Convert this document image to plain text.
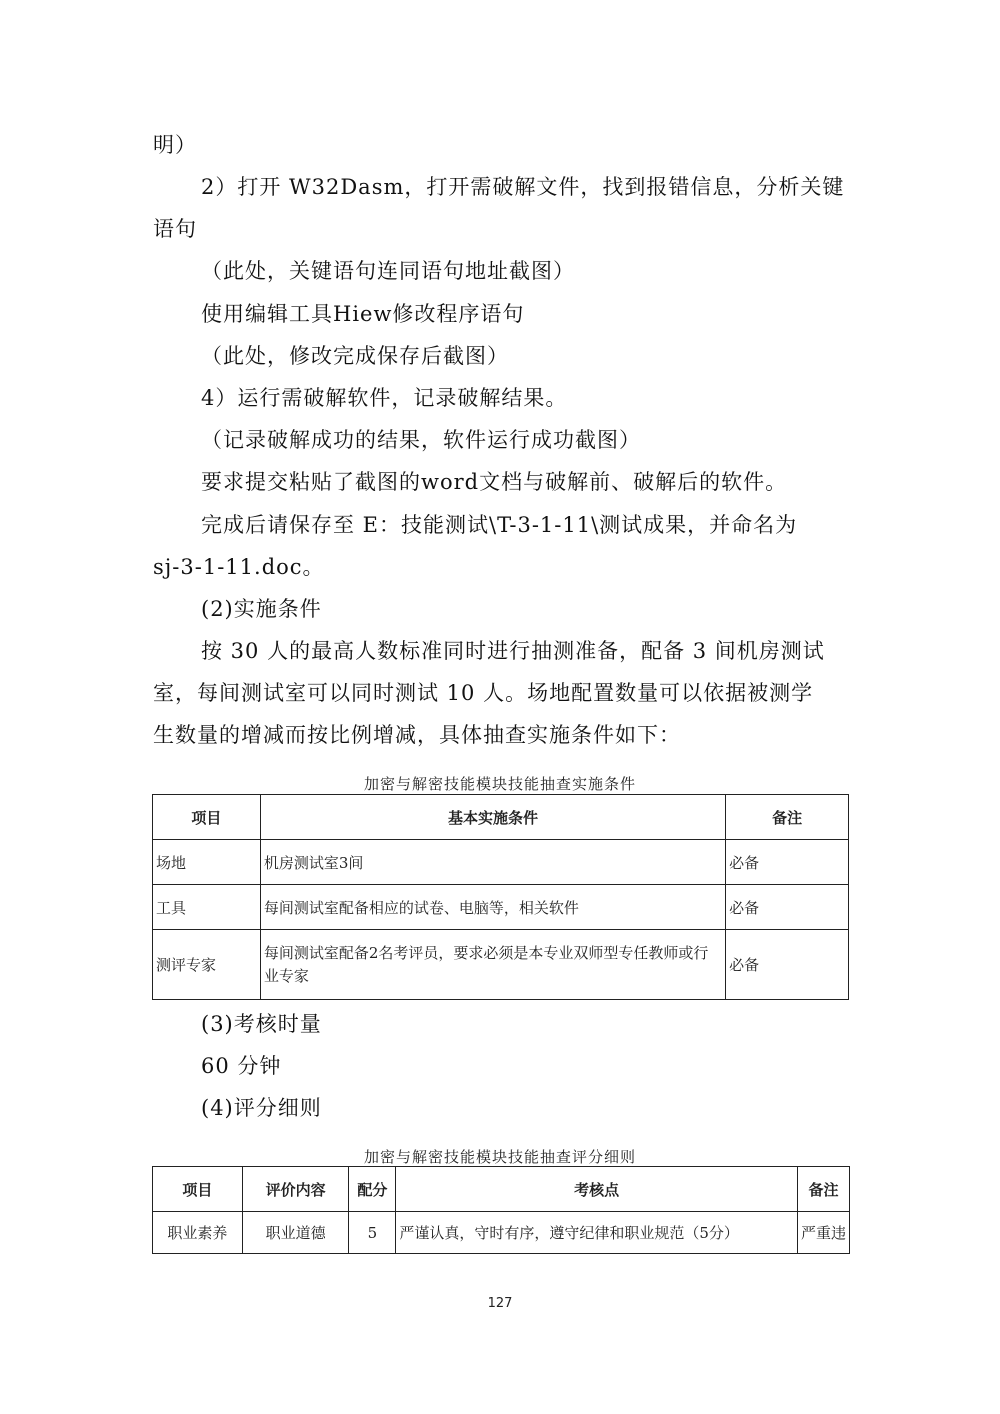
明）

2）打开 W32Dasm，打开需破解文件，找到报错信息，分析关键

语句

（此处，关键语句连同语句地址截图）

使用编辑工具Hiew修改程序语句

（此处，修改完成保存后截图）

4）运行需破解软件，记录破解结果。

（记录破解成功的结果，软件运行成功截图）

要求提交粘贴了截图的word文档与破解前、破解后的软件。

完成后请保存至 E：技能测试\T-3-1-11\测试成果，并命名为

sj-3-1-11.doc。

(2)实施条件

按 30 人的最高人数标准同时进行抽测准备，配备 3 间机房测试

室，每间测试室可以同时测试 10 人。场地配置数量可以依据被测学

生数量的增减而按比例增减，具体抽查实施条件如下：

加密与解密技能模块技能抽查实施条件
项目	基本实施条件	备注
场地	机房测试室3间	必备
工具	每间测试室配备相应的试卷、电脑等，相关软件	必备
测评专家	每间测试室配备2名考评员，要求必须是本专业双师型专任教师或行业专家	必备

(3)考核时量

60 分钟

(4)评分细则

加密与解密技能模块技能抽查评分细则
项目	评价内容	配分	考核点	备注
职业素养	职业道德	5	严谨认真，守时有序，遵守纪律和职业规范（5分）	严重违
127
